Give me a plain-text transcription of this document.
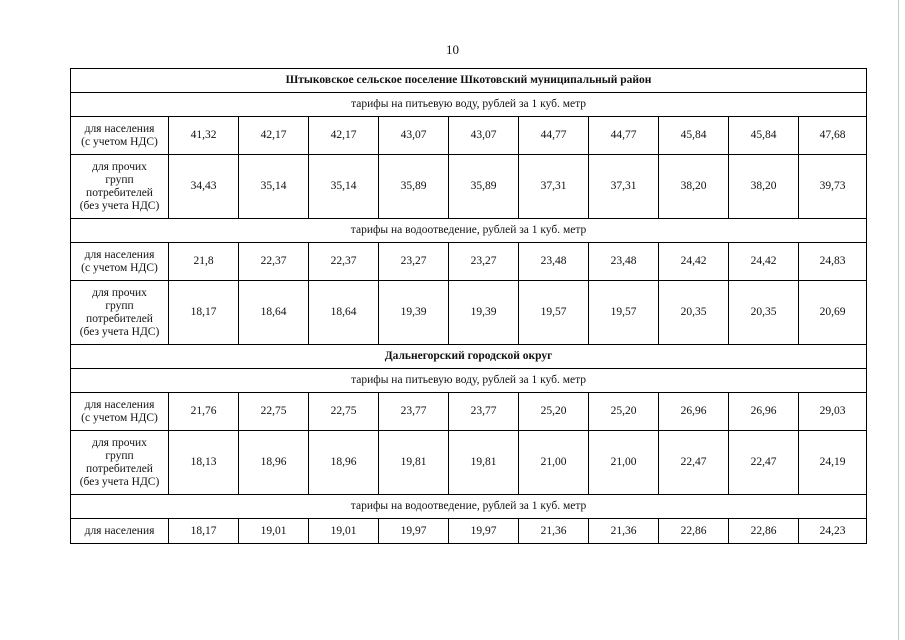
10
Штыковское сельское поселение Шкотовский муниципальный район										
тарифы на питьевую воду, рублей за 1 куб. метр										
для населения
(с учетом НДС)	41,32	42,17	42,17	43,07	43,07	44,77	44,77	45,84	45,84	47,68
для прочих
групп
потребителей
(без учета НДС)	34,43	35,14	35,14	35,89	35,89	37,31	37,31	38,20	38,20	39,73
тарифы на водоотведение, рублей за 1 куб. метр										
для населения
(с учетом НДС)	21,8	22,37	22,37	23,27	23,27	23,48	23,48	24,42	24,42	24,83
для прочих
групп
потребителей
(без учета НДС)	18,17	18,64	18,64	19,39	19,39	19,57	19,57	20,35	20,35	20,69
Дальнегорский городской округ										
тарифы на питьевую воду, рублей за 1 куб. метр										
для населения
(с учетом НДС)	21,76	22,75	22,75	23,77	23,77	25,20	25,20	26,96	26,96	29,03
для прочих
групп
потребителей
(без учета НДС)	18,13	18,96	18,96	19,81	19,81	21,00	21,00	22,47	22,47	24,19
тарифы на водоотведение, рублей за 1 куб. метр										
для населения	18,17	19,01	19,01	19,97	19,97	21,36	21,36	22,86	22,86	24,23
